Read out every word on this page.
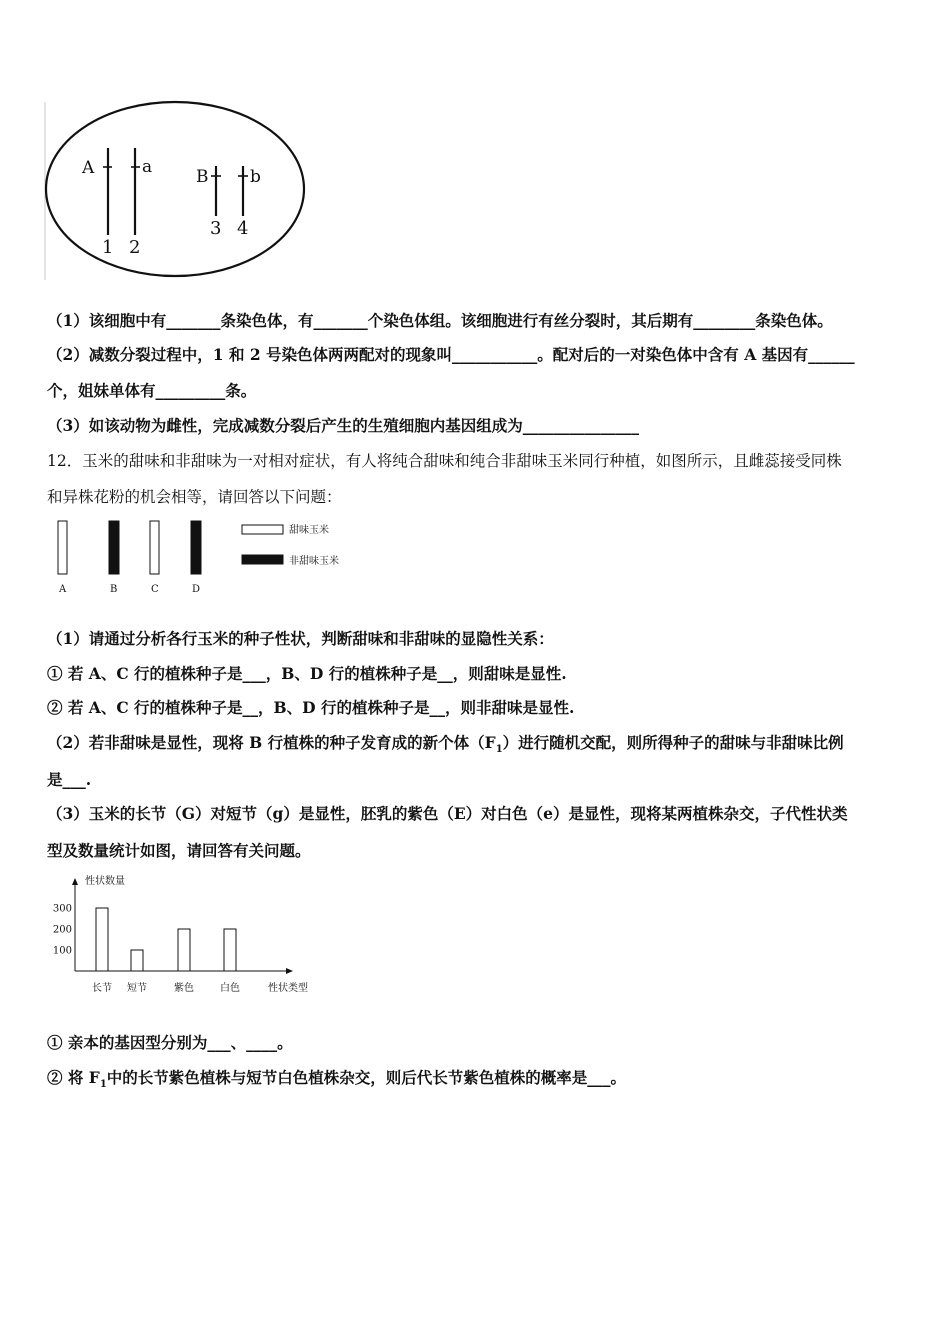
A	a	B b
1 2
3 4
（1）该细胞中有_______条染色体，有_______个染色体组。该细胞进行有丝分裂时，其后期有________条染色体。
（2）减数分裂过程中，1 和 2 号染色体两两配对的现象叫___________。配对后的一对染色体中含有 A 基因有______
个，姐妹单体有_________条。
（3）如该动物为雌性，完成减数分裂后产生的生殖细胞内基因组成为_______________
12．玉米的甜味和非甜味为一对相对症状，有人将纯合甜味和纯合非甜味玉米同行种植，如图所示，且雌蕊接受同株
和异株花粉的机会相等，请回答以下问题：
A	B	C	D
甜味玉米
非甜味玉米
（1）请通过分析各行玉米的种子性状，判断甜味和非甜味的显隐性关系：
① 若 A、C 行的植株种子是___，B、D 行的植株种子是__，则甜味是显性.
② 若 A、C 行的植株种子是__，B、D 行的植株种子是__，则非甜味是显性.
（2）若非甜味是显性，现将 B 行植株的种子发育成的新个体$(F_1)$进行随机交配，则所得种子的甜味与非甜味比例
是___.
（3）玉米的长节（G）对短节（g）是显性，胚乳的紫色（E）对白色（e）是显性，现将某两植株杂交，子代性状类
型及数量统计如图，请回答有关问题。
性状数量
100
200
300
长节 短节	紫色	白色	性状类型
① 亲本的基因型分别为___、____。
② 将 $F_1$中的长节紫色植株与短节白色植株杂交，则后代长节紫色植株的概率是___。
